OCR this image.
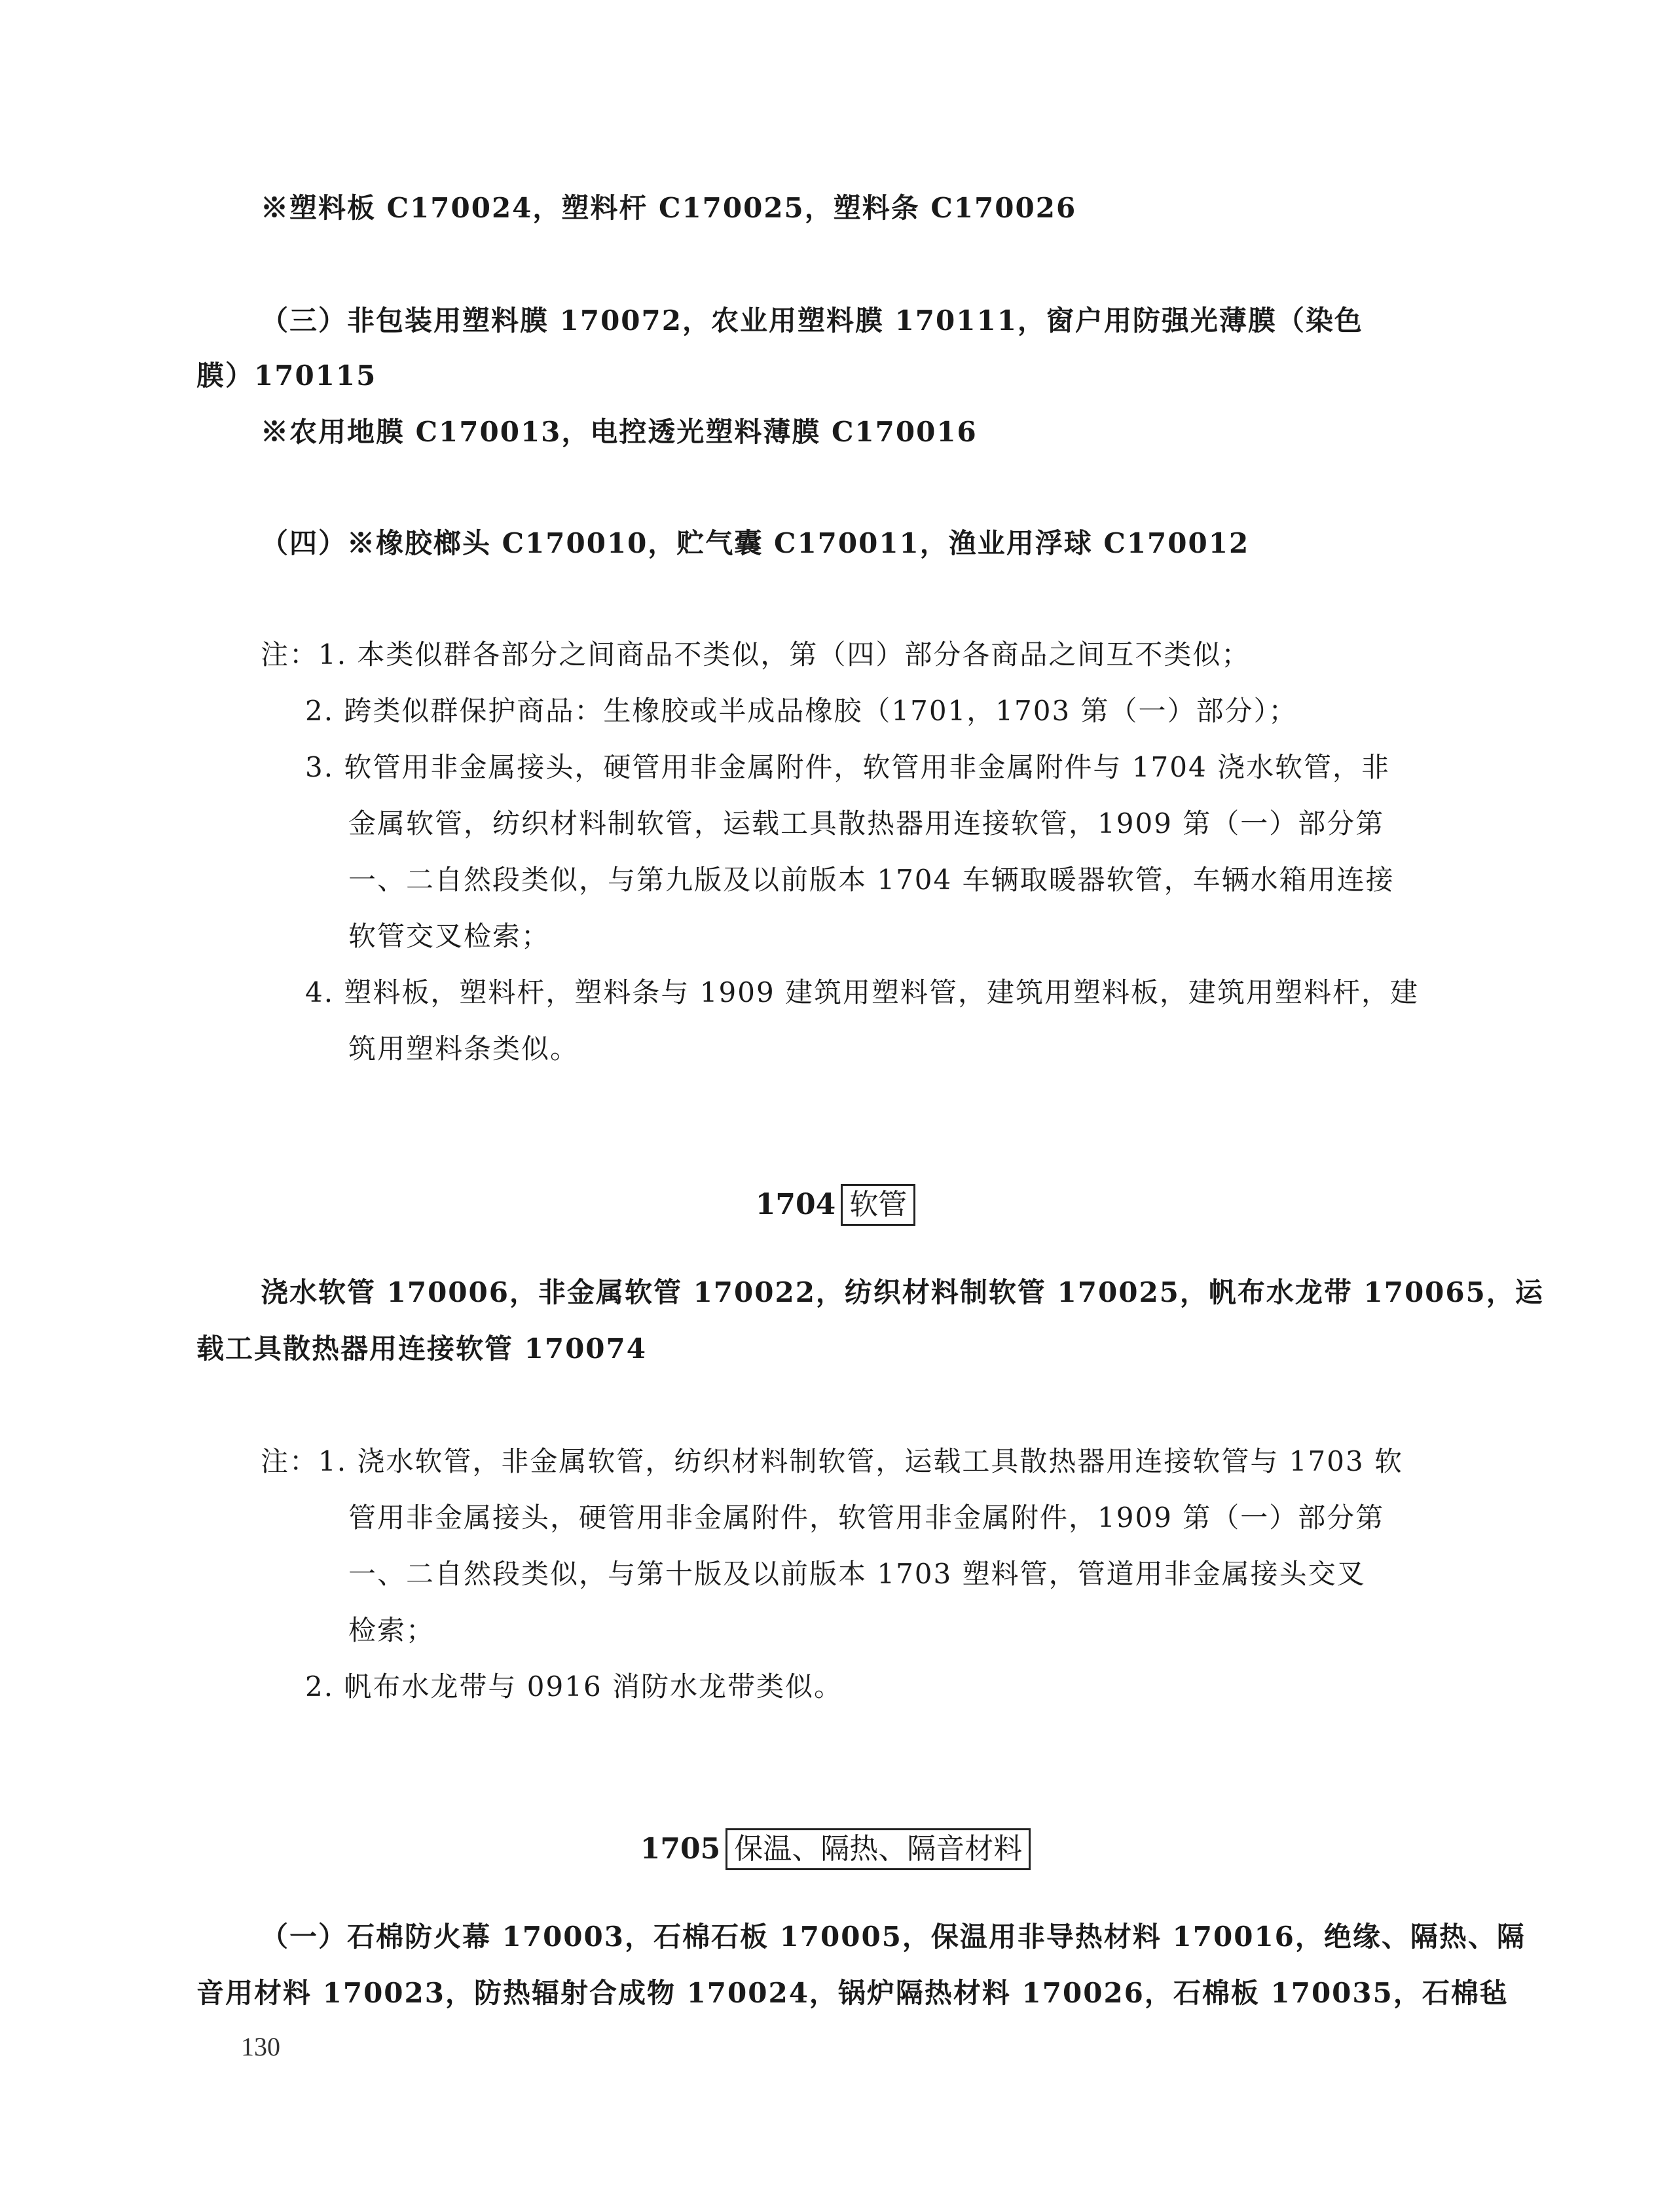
※塑料板 C170024，塑料杆 C170025，塑料条 C170026
（三）非包装用塑料膜 170072，农业用塑料膜 170111，窗户用防强光薄膜（染色
膜）170115
※农用地膜 C170013，电控透光塑料薄膜 C170016
（四）※橡胶榔头 C170010，贮气囊 C170011，渔业用浮球 C170012
注：1. 本类似群各部分之间商品不类似，第（四）部分各商品之间互不类似；
2. 跨类似群保护商品：生橡胶或半成品橡胶（1701，1703 第（一）部分）；
3. 软管用非金属接头，硬管用非金属附件，软管用非金属附件与 1704 浇水软管，非
金属软管，纺织材料制软管，运载工具散热器用连接软管，1909 第（一）部分第
一、二自然段类似，与第九版及以前版本 1704 车辆取暖器软管，车辆水箱用连接
软管交叉检索；
4. 塑料板，塑料杆，塑料条与 1909 建筑用塑料管，建筑用塑料板，建筑用塑料杆，建
筑用塑料条类似。
1704 软管
浇水软管 170006，非金属软管 170022，纺织材料制软管 170025，帆布水龙带 170065，运
载工具散热器用连接软管 170074
注：1. 浇水软管，非金属软管，纺织材料制软管，运载工具散热器用连接软管与 1703 软
管用非金属接头，硬管用非金属附件，软管用非金属附件，1909 第（一）部分第
一、二自然段类似，与第十版及以前版本 1703 塑料管，管道用非金属接头交叉
检索；
2. 帆布水龙带与 0916 消防水龙带类似。
1705 保温、隔热、隔音材料
（一）石棉防火幕 170003，石棉石板 170005，保温用非导热材料 170016，绝缘、隔热、隔
音用材料 170023，防热辐射合成物 170024，锅炉隔热材料 170026，石棉板 170035，石棉毡
130
